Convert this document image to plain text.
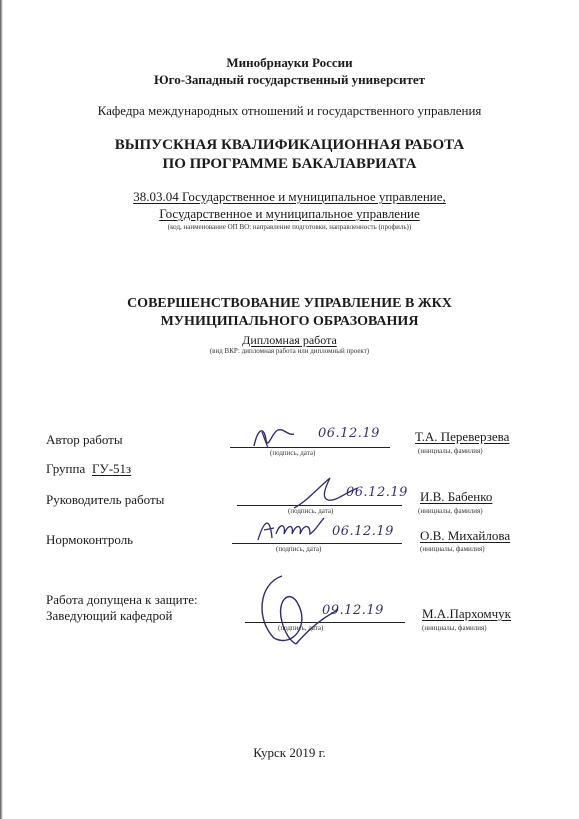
Минобрнауки России
Юго-Западный государственный университет
Кафедра международных отношений и государственного управления
ВЫПУСКНАЯ КВАЛИФИКАЦИОННАЯ РАБОТА
ПО ПРОГРАММЕ БАКАЛАВРИАТА
38.03.04 Государственное и муниципальное управление,
Государственное и муниципальное управление
(код, наименование ОП ВО: направление подготовки, направленность (профиль))
СОВЕРШЕНСТВОВАНИЕ УПРАВЛЕНИЕ В ЖКХ
МУНИЦИПАЛЬНОГО ОБРАЗОВАНИЯ
Дипломная работа
(вид ВКР: дипломная работа или дипломный проект)
Автор работы	06.12.19
(подпись, дата)
Т.А. Переверзева
(инициалы, фамилия)
Группа ГУ-51з
Руководитель работы	06.12.19
(подпись, дата)
И.В. Бабенко
(инициалы, фамилия)
Нормоконтроль
06.12.19
(подпись, дата)
О.В. Михайлова
(инициалы, фамилия)
Работа допущена к защите:
Заведующий кафедрой	09.12.19
(подпись, дата)
М.А.Пархомчук
(инициалы, фамилия)
Курск 2019 г.
